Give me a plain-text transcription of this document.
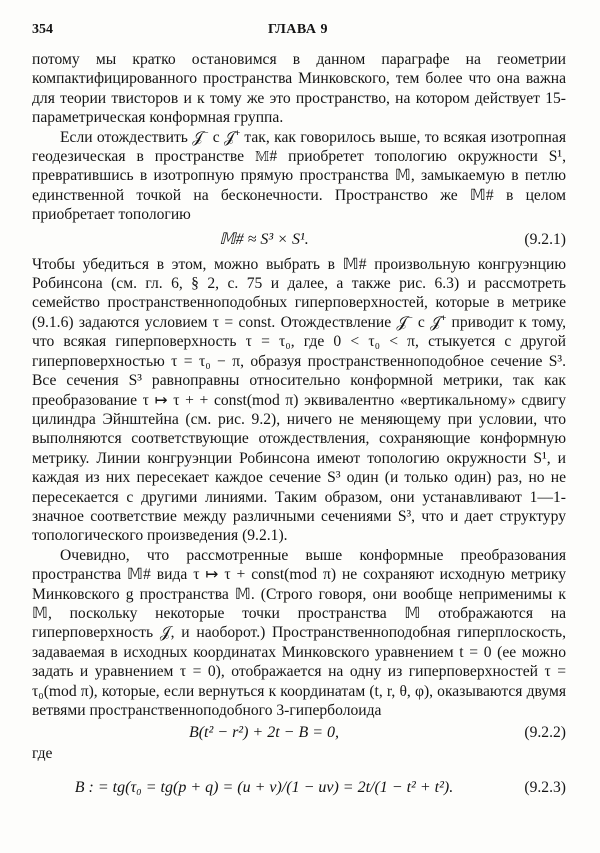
354	ГЛАВА 9

потому мы кратко остановимся в данном параграфе на геометрии компактифицированного пространства Минковского, тем более что она важна для теории твисторов и к тому же это пространство, на котором действует 15-параметрическая конформная группа.

Если отождествить 𝒥⁻ с 𝒥⁺ так, как говорилось выше, то всякая изотропная геодезическая в пространстве 𝕄# приобретет топологию окружности S¹, превратившись в изотропную прямую пространства 𝕄, замыкаемую в петлю единственной точкой на бесконечности. Пространство же 𝕄# в целом приобретает топологию

𝕄# ≈ S³ × S¹.	(9.2.1)

Чтобы убедиться в этом, можно выбрать в 𝕄# произвольную конгруэнцию Робинсона (см. гл. 6, § 2, с. 75 и далее, а также рис. 6.3) и рассмотреть семейство пространственноподобных гиперповерхностей, которые в метрике (9.1.6) задаются условием τ = const. Отождествление 𝒥⁻ с 𝒥⁺ приводит к тому, что всякая гиперповерхность τ = τ₀, где 0 < τ₀ < π, стыкуется с другой гиперповерхностью τ = τ₀ − π, образуя пространственноподобное сечение S³. Все сечения S³ равноправны относительно конформной метрики, так как преобразование τ ↦ τ + + const(mod π) эквивалентно «вертикальному» сдвигу цилиндра Эйнштейна (см. рис. 9.2), ничего не меняющему при условии, что выполняются соответствующие отождествления, сохраняющие конформную метрику. Линии конгруэнции Робинсона имеют топологию окружности S¹, и каждая из них пересекает каждое сечение S³ один (и только один) раз, но не пересекается с другими линиями. Таким образом, они устанавливают 1—1-значное соответствие между различными сечениями S³, что и дает структуру топологического произведения (9.2.1).

Очевидно, что рассмотренные выше конформные преобразования пространства 𝕄# вида τ ↦ τ + const(mod π) не сохраняют исходную метрику Минковского g пространства 𝕄. (Строго говоря, они вообще неприменимы к 𝕄, поскольку некоторые точки пространства 𝕄 отображаются на гиперповерхность 𝒥, и наоборот.) Пространственноподобная гиперплоскость, задаваемая в исходных координатах Минковского уравнением t = 0 (ее можно задать и уравнением τ = 0), отображается на одну из гиперповерхностей τ = τ₀(mod π), которые, если вернуться к координатам (t, r, θ, φ), оказываются двумя ветвями пространственноподобного 3-гиперболоида

B(t² − r²) + 2t − B = 0,	(9.2.2)

где

B : = tg(τ₀ = tg(p + q) = (u + v)/(1 − uv) = 2t/(1 − t² + t²).	(9.2.3)
